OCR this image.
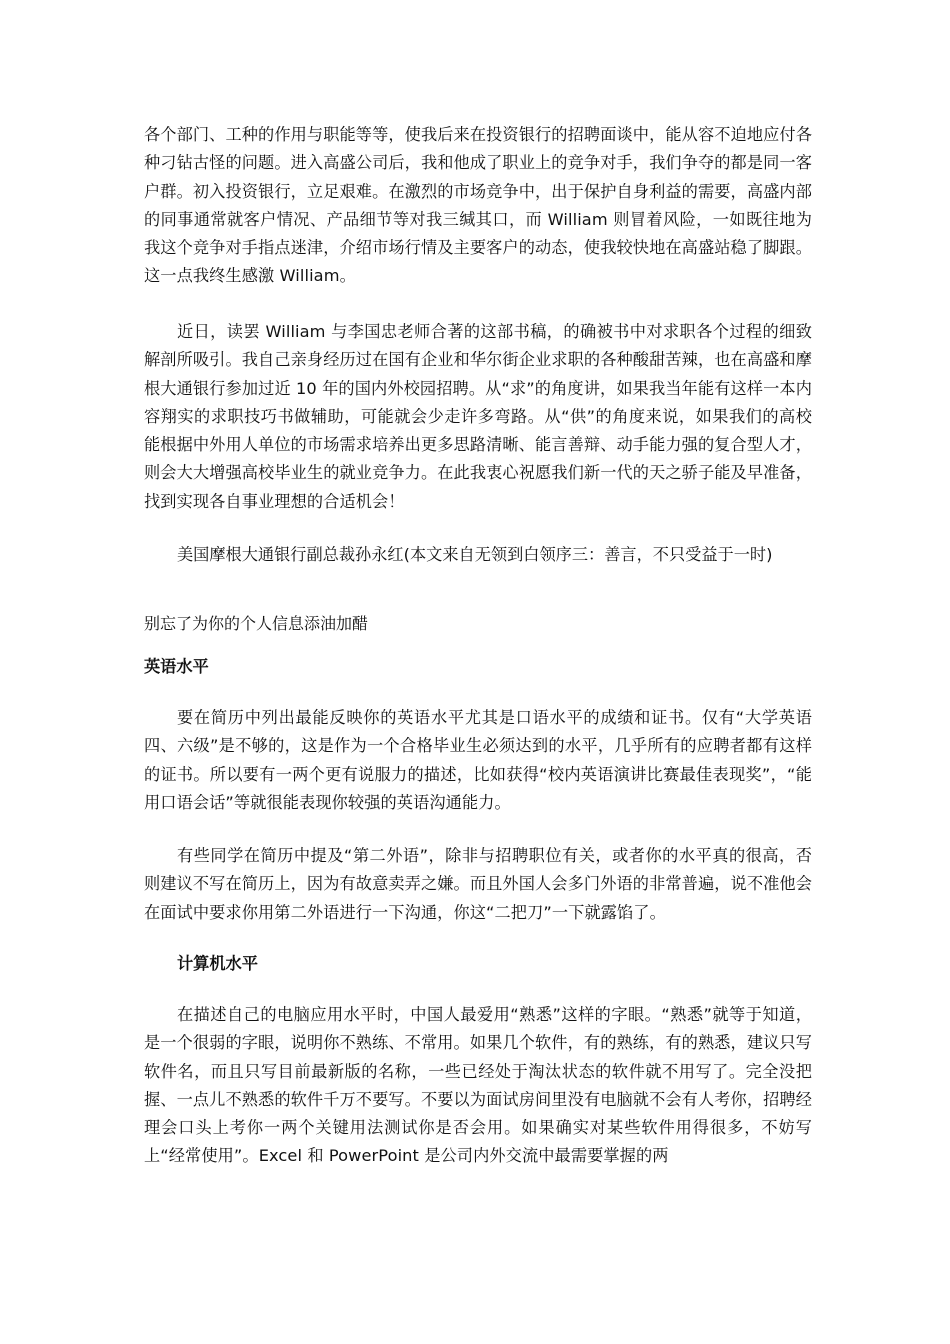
各个部门、工种的作用与职能等等，使我后来在投资银行的招聘面谈中，能从容不迫地应付各种刁钻古怪的问题。进入高盛公司后，我和他成了职业上的竞争对手，我们争夺的都是同一客户群。初入投资银行，立足艰难。在激烈的市场竞争中，出于保护自身利益的需要，高盛内部的同事通常就客户情况、产品细节等对我三缄其口，而 William 则冒着风险，一如既往地为我这个竞争对手指点迷津，介绍市场行情及主要客户的动态，使我较快地在高盛站稳了脚跟。这一点我终生感激 William。

近日，读罢 William 与李国忠老师合著的这部书稿，的确被书中对求职各个过程的细致解剖所吸引。我自己亲身经历过在国有企业和华尔街企业求职的各种酸甜苦辣，也在高盛和摩根大通银行参加过近 10 年的国内外校园招聘。从“求”的角度讲，如果我当年能有这样一本内容翔实的求职技巧书做辅助，可能就会少走许多弯路。从“供”的角度来说，如果我们的高校能根据中外用人单位的市场需求培养出更多思路清晰、能言善辩、动手能力强的复合型人才，则会大大增强高校毕业生的就业竞争力。在此我衷心祝愿我们新一代的天之骄子能及早准备，找到实现各自事业理想的合适机会！

美国摩根大通银行副总裁孙永红(本文来自无领到白领序三：善言，不只受益于一时)

别忘了为你的个人信息添油加醋

英语水平

要在简历中列出最能反映你的英语水平尤其是口语水平的成绩和证书。仅有“大学英语四、六级”是不够的，这是作为一个合格毕业生必须达到的水平，几乎所有的应聘者都有这样的证书。所以要有一两个更有说服力的描述，比如获得“校内英语演讲比赛最佳表现奖”，“能用口语会话”等就很能表现你较强的英语沟通能力。

有些同学在简历中提及“第二外语”，除非与招聘职位有关，或者你的水平真的很高，否则建议不写在简历上，因为有故意卖弄之嫌。而且外国人会多门外语的非常普遍，说不准他会在面试中要求你用第二外语进行一下沟通，你这“二把刀”一下就露馅了。

计算机水平

在描述自己的电脑应用水平时，中国人最爱用“熟悉”这样的字眼。“熟悉”就等于知道，是一个很弱的字眼，说明你不熟练、不常用。如果几个软件，有的熟练，有的熟悉，建议只写软件名，而且只写目前最新版的名称，一些已经处于淘汰状态的软件就不用写了。完全没把握、一点儿不熟悉的软件千万不要写。不要以为面试房间里没有电脑就不会有人考你，招聘经理会口头上考你一两个关键用法测试你是否会用。如果确实对某些软件用得很多，不妨写上“经常使用”。Excel 和 PowerPoint 是公司内外交流中最需要掌握的两
